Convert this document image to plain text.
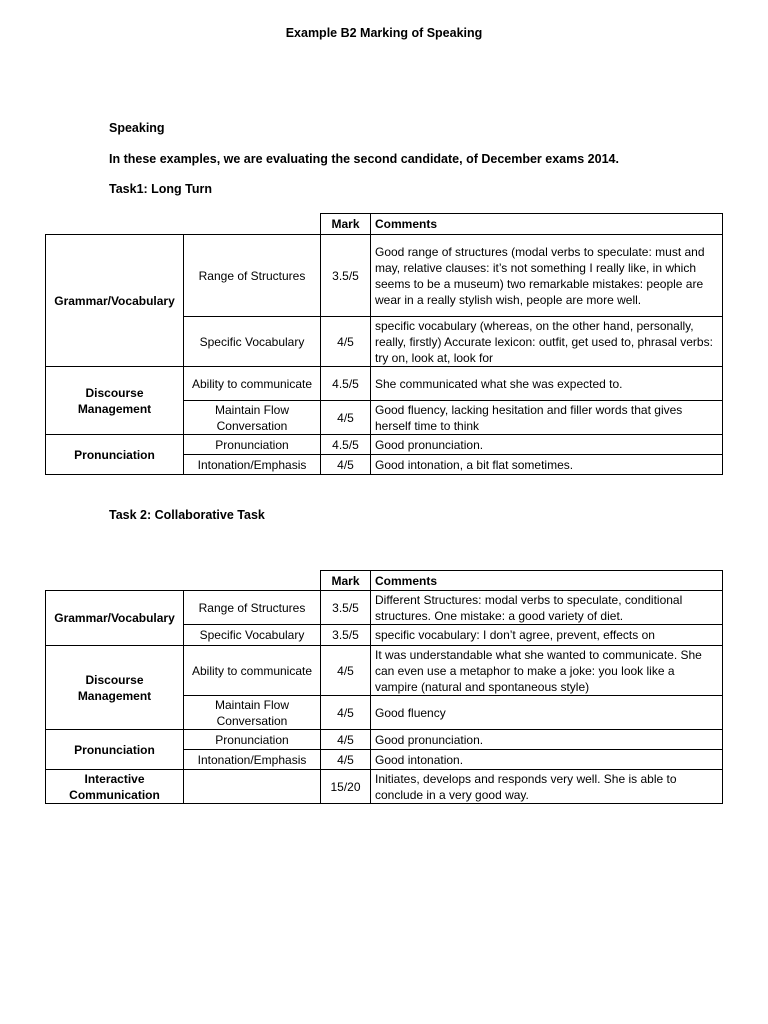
Example B2 Marking of Speaking
Speaking
In these examples, we are evaluating the second candidate, of December exams 2014.
Task1: Long Turn
		Mark	Comments
Grammar/Vocabulary	Range of Structures	3.5/5	Good range of structures (modal verbs to speculate: must and may, relative clauses: it’s not something I really like, in which seems to be a museum) two remarkable mistakes: people are wear in a really stylish wish, people are more well.
	Specific Vocabulary	4/5	specific vocabulary (whereas, on the other hand, personally, really, firstly) Accurate lexicon: outfit, get used to, phrasal verbs: try on, look at, look for
Discourse Management	Ability to communicate	4.5/5	She communicated what she was expected to.
	Maintain Flow Conversation	4/5	Good fluency, lacking hesitation and filler words that gives herself time to think
Pronunciation	Pronunciation	4.5/5	Good pronunciation.
	Intonation/Emphasis	4/5	Good intonation, a bit flat sometimes.
Task 2: Collaborative Task
		Mark	Comments
Grammar/Vocabulary	Range of Structures	3.5/5	Different Structures: modal verbs to speculate, conditional structures. One mistake: a good variety of diet.
	Specific Vocabulary	3.5/5	specific vocabulary: I don’t agree, prevent, effects on
Discourse Management	Ability to communicate	4/5	It was understandable what she wanted to communicate. She can even use a metaphor to make a joke: you look like a vampire (natural and spontaneous style)
	Maintain Flow Conversation	4/5	Good fluency
Pronunciation	Pronunciation	4/5	Good pronunciation.
	Intonation/Emphasis	4/5	Good intonation.
Interactive Communication		15/20	Initiates, develops and responds very well. She is able to conclude in a very good way.
